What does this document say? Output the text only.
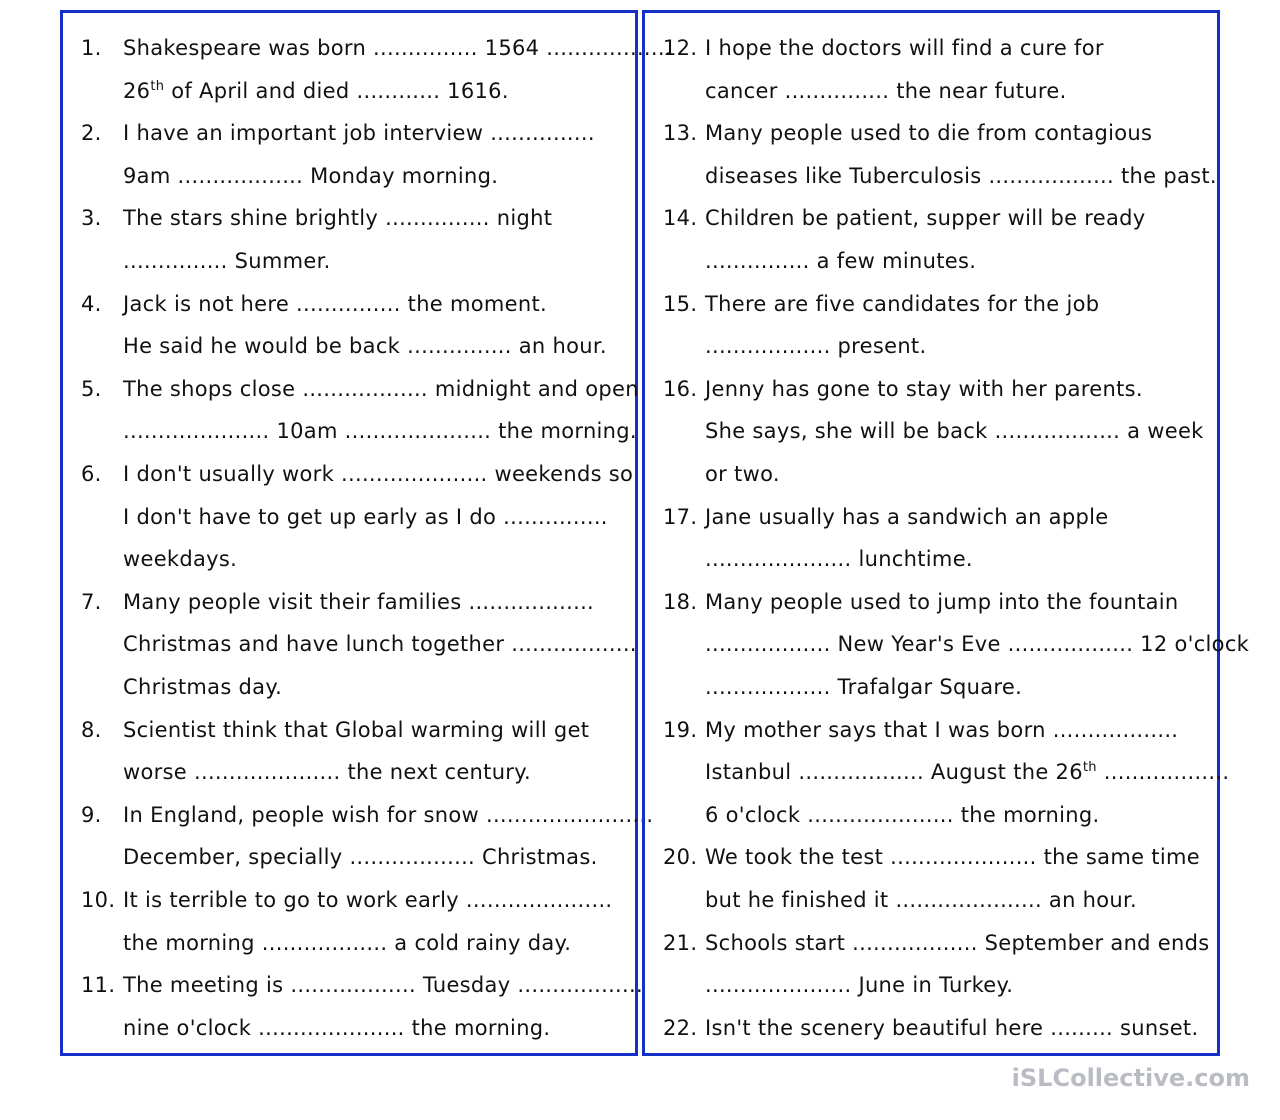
1. Shakespeare was born ............... 1564 ..................
26th of April and died ............ 1616.
2. I have an important job interview ...............
9am .................. Monday morning.
3. The stars shine brightly ............... night
............... Summer.
4. Jack is not here ............... the moment.
He said he would be back ............... an hour.
5. The shops close .................. midnight and open
..................... 10am ..................... the morning.
6. I don't usually work ..................... weekends so
I don't have to get up early as I do ...............
weekdays.
7. Many people visit their families ..................
Christmas and have lunch together ..................
Christmas day.
8. Scientist think that Global warming will get
worse ..................... the next century.
9. In England, people wish for snow ........................
December, specially .................. Christmas.
10. It is terrible to go to work early .....................
the morning .................. a cold rainy day.
11. The meeting is .................. Tuesday ..................
nine o'clock ..................... the morning.
12. I hope the doctors will find a cure for
cancer ............... the near future.
13. Many people used to die from contagious
diseases like Tuberculosis .................. the past.
14. Children be patient, supper will be ready
............... a few minutes.
15. There are five candidates for the job
.................. present.
16. Jenny has gone to stay with her parents.
She says, she will be back .................. a week
or two.
17. Jane usually has a sandwich an apple
..................... lunchtime.
18. Many people used to jump into the fountain
.................. New Year's Eve .................. 12 o'clock
.................. Trafalgar Square.
19. My mother says that I was born ..................
Istanbul .................. August the 26th ..................
6 o'clock ..................... the morning.
20. We took the test ..................... the same time
but he finished it ..................... an hour.
21. Schools start .................. September and ends
..................... June in Turkey.
22. Isn't the scenery beautiful here ......... sunset.
iSLCollective.com
